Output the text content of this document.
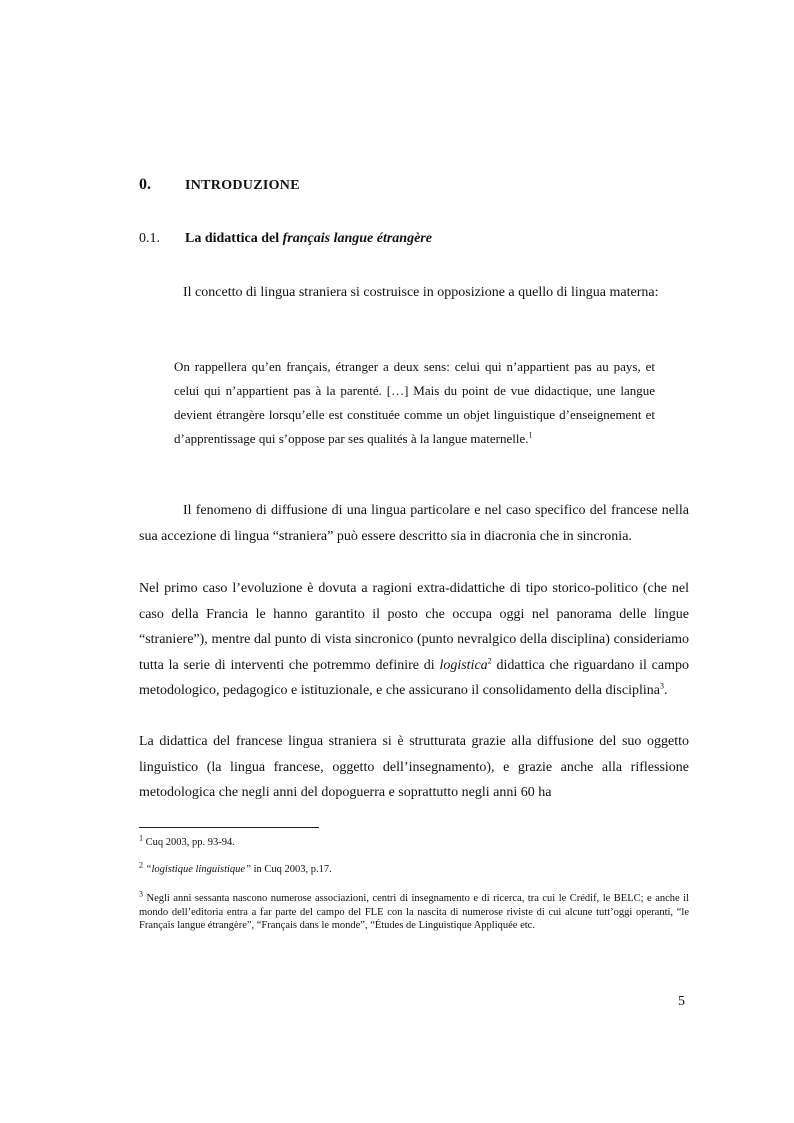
0. INTRODUZIONE
0.1. La didattica del français langue étrangère
Il concetto di lingua straniera si costruisce in opposizione a quello di lingua materna:
On rappellera qu’en français, étranger a deux sens: celui qui n’appartient pas au pays, et celui qui n’appartient pas à la parenté. […] Mais du point de vue didactique, une langue devient étrangère lorsqu’elle est constituée comme un objet linguistique d’enseignement et d’apprentissage qui s’oppose par ses qualités à la langue maternelle.$^1$
Il fenomeno di diffusione di una lingua particolare e nel caso specifico del francese nella sua accezione di lingua “straniera” può essere descritto sia in diacronia che in sincronia.
Nel primo caso l’evoluzione è dovuta a ragioni extra-didattiche di tipo storico-politico (che nel caso della Francia le hanno garantito il posto che occupa oggi nel panorama delle lingue “straniere”), mentre dal punto di vista sincronico (punto nevralgico della disciplina) consideriamo tutta la serie di interventi che potremmo definire di logistica$^2$ didattica che riguardano il campo metodologico, pedagogico e istituzionale, e che assicurano il consolidamento della disciplina$^3$.
La didattica del francese lingua straniera si è strutturata grazie alla diffusione del suo oggetto linguistico (la lingua francese, oggetto dell’insegnamento), e grazie anche alla riflessione metodologica che negli anni del dopoguerra e soprattutto negli anni 60 ha
$^1$ Cuq 2003, pp. 93-94.
$^2$ “logistique linguistique” in Cuq 2003, p.17.
$^3$ Negli anni sessanta nascono numerose associazioni, centri di insegnamento e di ricerca, tra cui le Crédif, le BELC; e anche il mondo dell’editoria entra a far parte del campo del FLE con la nascita di numerose riviste di cui alcune tutt’oggi operanti, “le Français langue étrangère”, “Français dans le monde”, “Études de Linguistique Appliquée etc.
5
